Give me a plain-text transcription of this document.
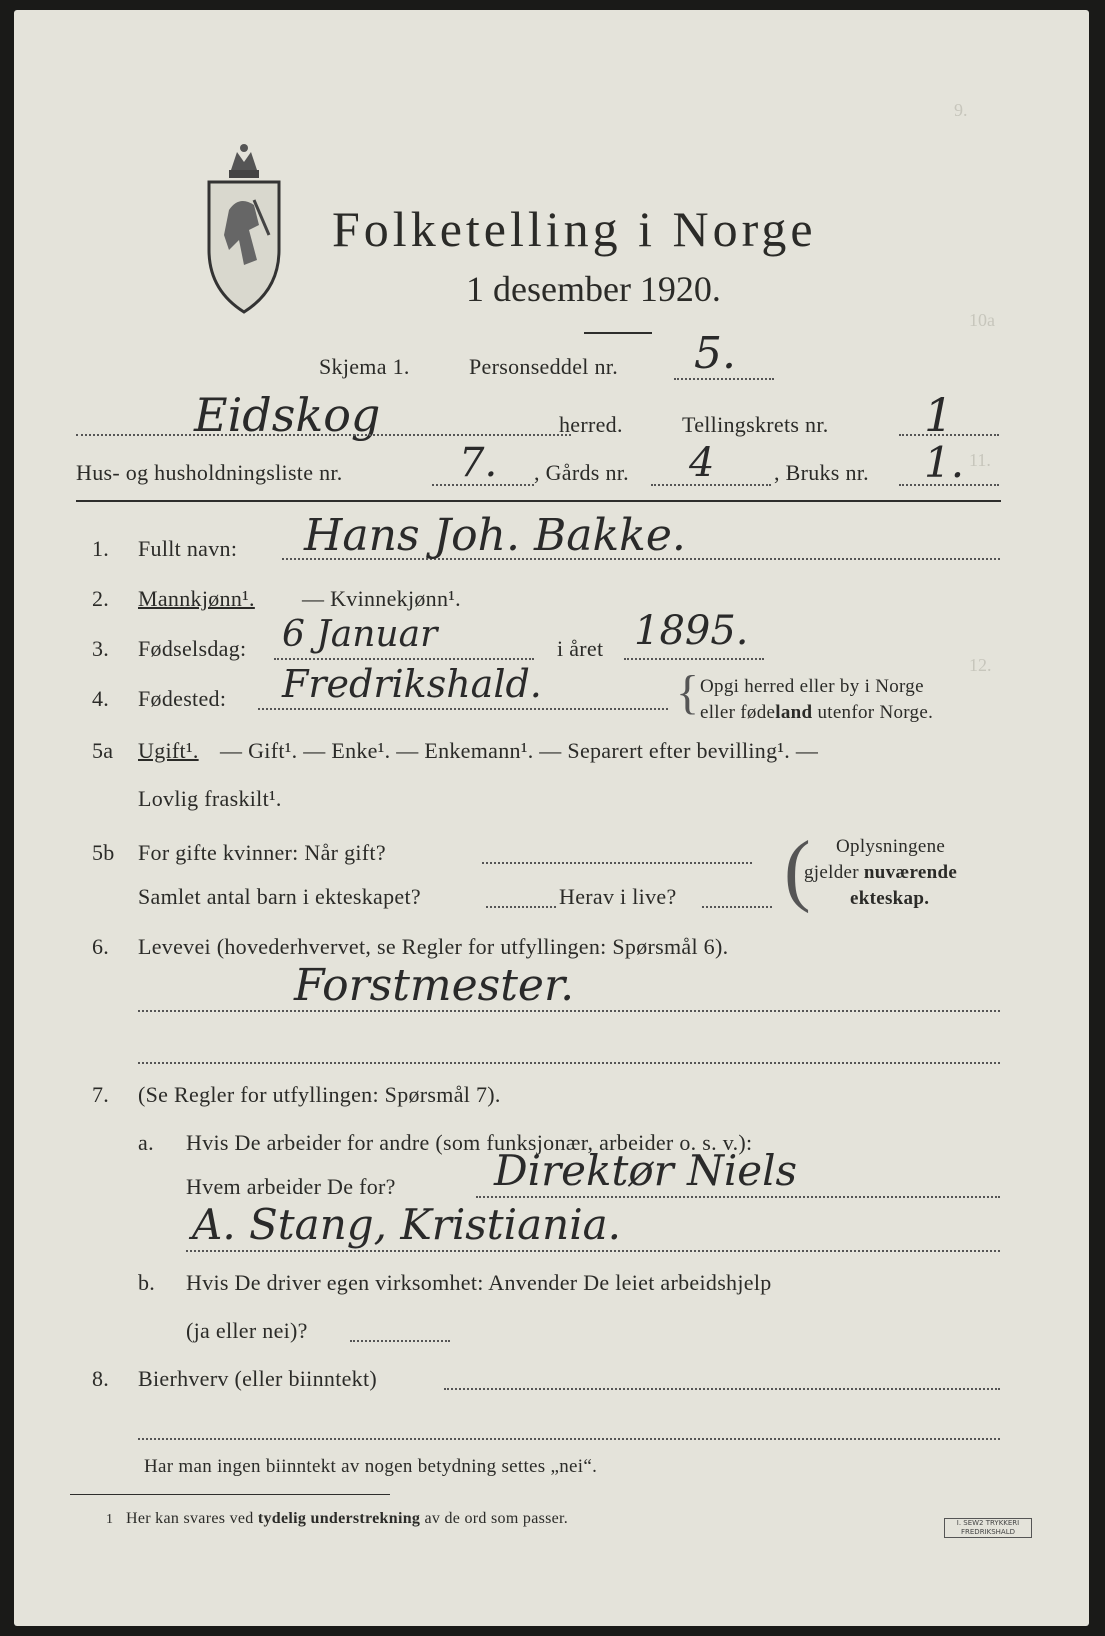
9.
10a
11.
12.
Folketelling i Norge
1 desember 1920.
Skjema 1.	Personseddel nr. 5.
Eidskog	herred.	Tellingskrets nr. 1
Hus- og husholdningsliste nr.	7. , Gårds nr. 4	, Bruks nr. 1.
1. Fullt navn: Hans Joh. Bakke.
2. Mannkjønn¹. — Kvinnekjønn¹.
3. Fødselsdag: 6 Januar	i året 1895.
4. Fødested: Fredrikshald.	{ Opgi herred eller by i Norge
eller fødeland utenfor Norge.
5a Ugift¹. — Gift¹. — Enke¹. — Enkemann¹. — Separert efter bevilling¹. —
Lovlig fraskilt¹.
5b For gifte kvinner: Når gift?
Samlet antal barn i ekteskapet?	Herav i live? ( Oplysningene
gjelder nuværende
ekteskap.
6. Levevei (hovederhvervet, se Regler for utfyllingen: Spørsmål 6).
Forstmester.
7. (Se Regler for utfyllingen: Spørsmål 7).
a. Hvis De arbeider for andre (som funksjonær, arbeider o. s. v.):
Hvem arbeider De for? Direktør Niels
A. Stang, Kristiania.
b. Hvis De driver egen virksomhet: Anvender De leiet arbeidshjelp
(ja eller nei)?
8. Bierhverv (eller biinntekt)
Har man ingen biinntekt av nogen betydning settes „nei“.
1 Her kan svares ved tydelig understrekning av de ord som passer.	I. SEW2 TRYKKERI
FREDRIKSHALD
